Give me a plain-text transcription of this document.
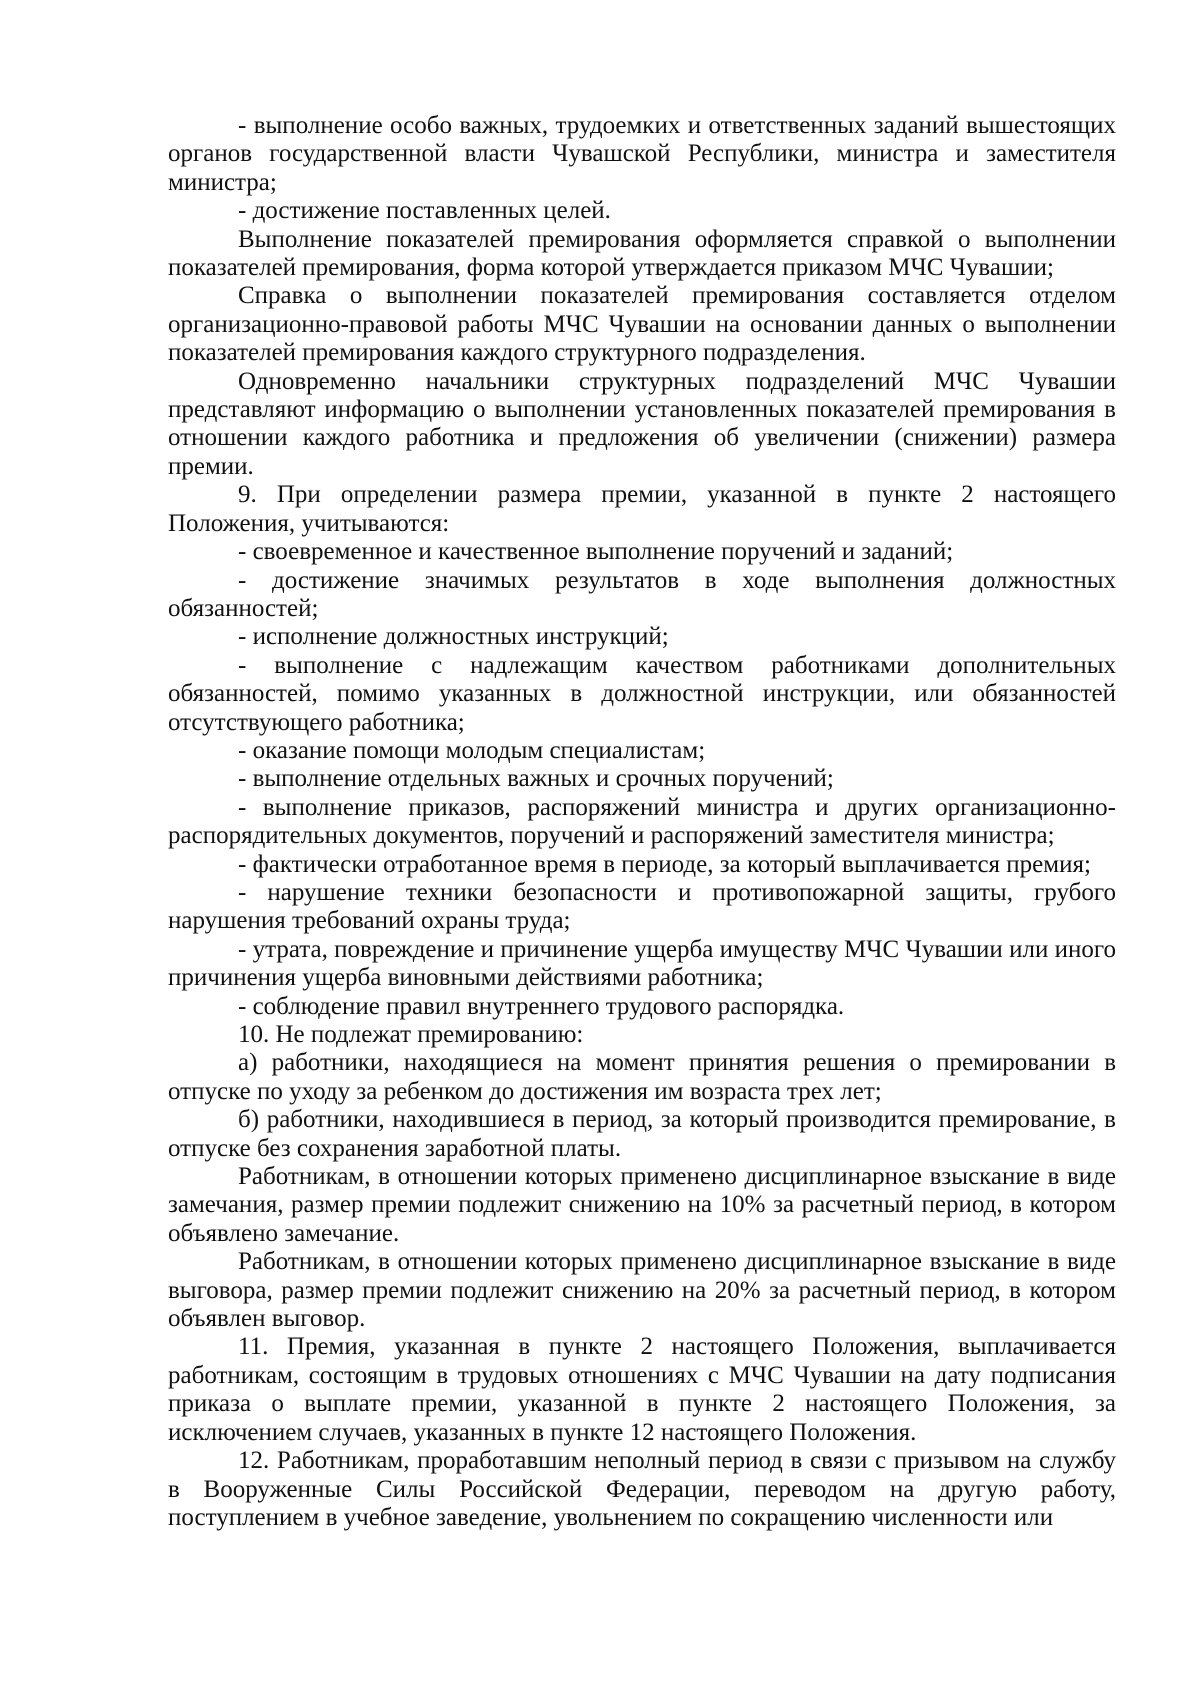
- выполнение особо важных, трудоемких и ответственных заданий вышестоящих органов государственной власти Чувашской Республики, министра и заместителя министра;

- достижение поставленных целей.

Выполнение показателей премирования оформляется справкой о выполнении показателей премирования, форма которой утверждается приказом МЧС Чувашии;

Справка о выполнении показателей премирования составляется отделом организационно-правовой работы МЧС Чувашии на основании данных о выполнении показателей премирования каждого структурного подразделения.

Одновременно начальники структурных подразделений МЧС Чувашии представляют информацию о выполнении установленных показателей премирования в отношении каждого работника и предложения об увеличении (снижении) размера премии.

9. При определении размера премии, указанной в пункте 2 настоящего Положения, учитываются:

- своевременное и качественное выполнение поручений и заданий;

- достижение значимых результатов в ходе выполнения должностных обязанностей;

- исполнение должностных инструкций;

- выполнение с надлежащим качеством работниками дополнительных обязанностей, помимо указанных в должностной инструкции, или обязанностей отсутствующего работника;

- оказание помощи молодым специалистам;

- выполнение отдельных важных и срочных поручений;

- выполнение приказов, распоряжений министра и других организационно-распорядительных документов, поручений и распоряжений заместителя министра;

- фактически отработанное время в периоде, за который выплачивается премия;

- нарушение техники безопасности и противопожарной защиты, грубого нарушения требований охраны труда;

- утрата, повреждение и причинение ущерба имуществу МЧС Чувашии или иного причинения ущерба виновными действиями работника;

- соблюдение правил внутреннего трудового распорядка.

10. Не подлежат премированию:

а) работники, находящиеся на момент принятия решения о премировании в отпуске по уходу за ребенком до достижения им возраста трех лет;

б) работники, находившиеся в период, за который производится премирование, в отпуске без сохранения заработной платы.

Работникам, в отношении которых применено дисциплинарное взыскание в виде замечания, размер премии подлежит снижению на 10% за расчетный период, в котором объявлено замечание.

Работникам, в отношении которых применено дисциплинарное взыскание в виде выговора, размер премии подлежит снижению на 20% за расчетный период, в котором объявлен выговор.

11. Премия, указанная в пункте 2 настоящего Положения, выплачивается работникам, состоящим в трудовых отношениях с МЧС Чувашии на дату подписания приказа о выплате премии, указанной в пункте 2 настоящего Положения, за исключением случаев, указанных в пункте 12 настоящего Положения.

12. Работникам, проработавшим неполный период в связи с призывом на службу в Вооруженные Силы Российской Федерации, переводом на другую работу, поступлением в учебное заведение, увольнением по сокращению численности или
